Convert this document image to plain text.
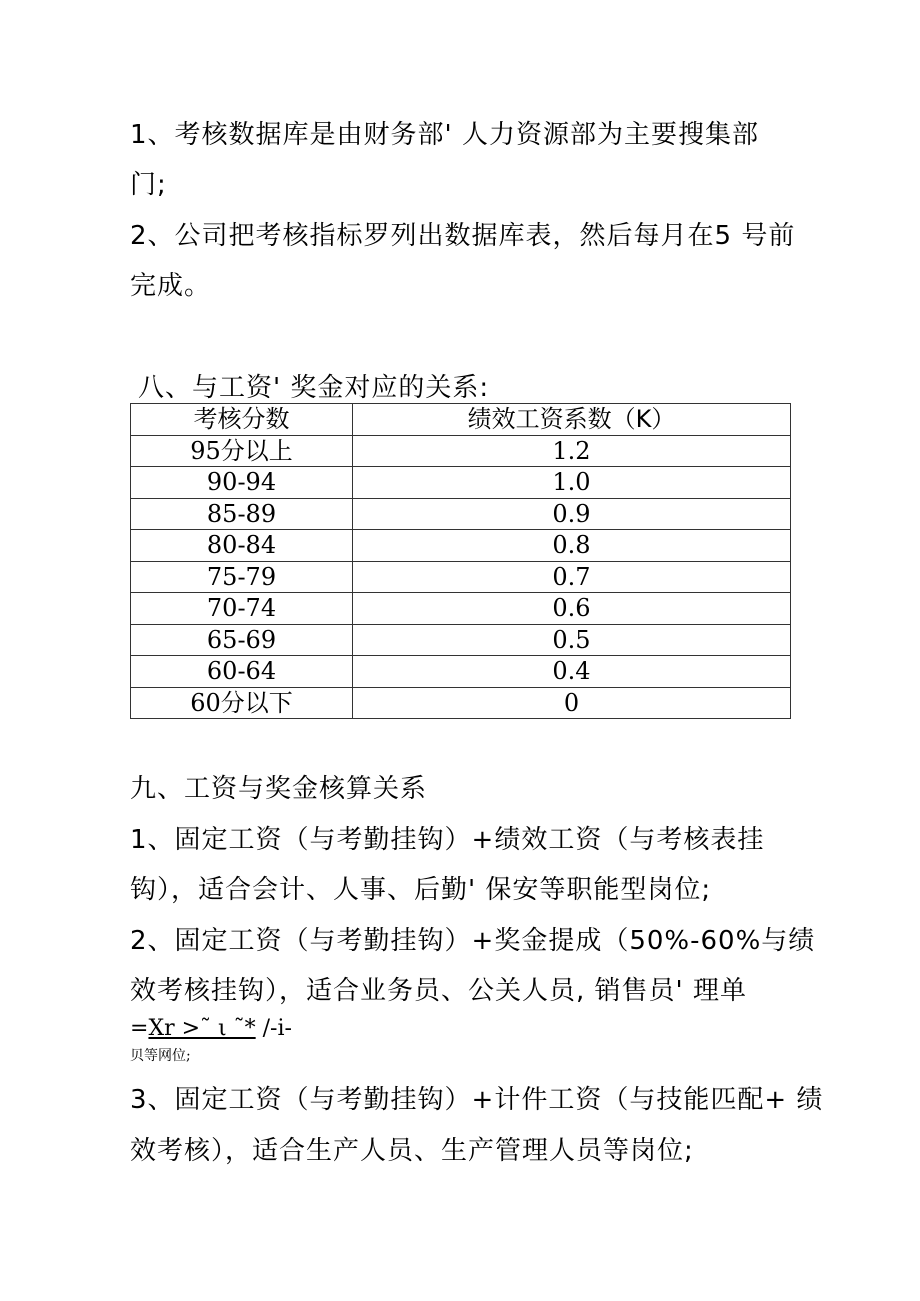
1、考核数据库是由财务部' 人力资源部为主要搜集部
门;
2、公司把考核指标罗列出数据库表，然后每月在5 号前
完成。
八、与工资' 奖金对应的关系:
考核分数	绩效工资系数（K）
95分以上	1.2
90-94	1.0
85-89	0.9
80-84	0.8
75-79	0.7
70-74	0.6
65-69	0.5
60-64	0.4
60分以下	0
九、工资与奖金核算关系
1、固定工资（与考勤挂钩）+绩效工资（与考核表挂
钩），适合会计、人事、后勤' 保安等职能型岗位;
2、固定工资（与考勤挂钩）+奖金提成（50%-60%与绩
效考核挂钩），适合业务员、公关人员, 销售员' 理单
=Xr >˜ ι ˜* /-i-
贝等网位;
3、固定工资（与考勤挂钩）+计件工资（与技能匹配+ 绩
效考核），适合生产人员、生产管理人员等岗位;
